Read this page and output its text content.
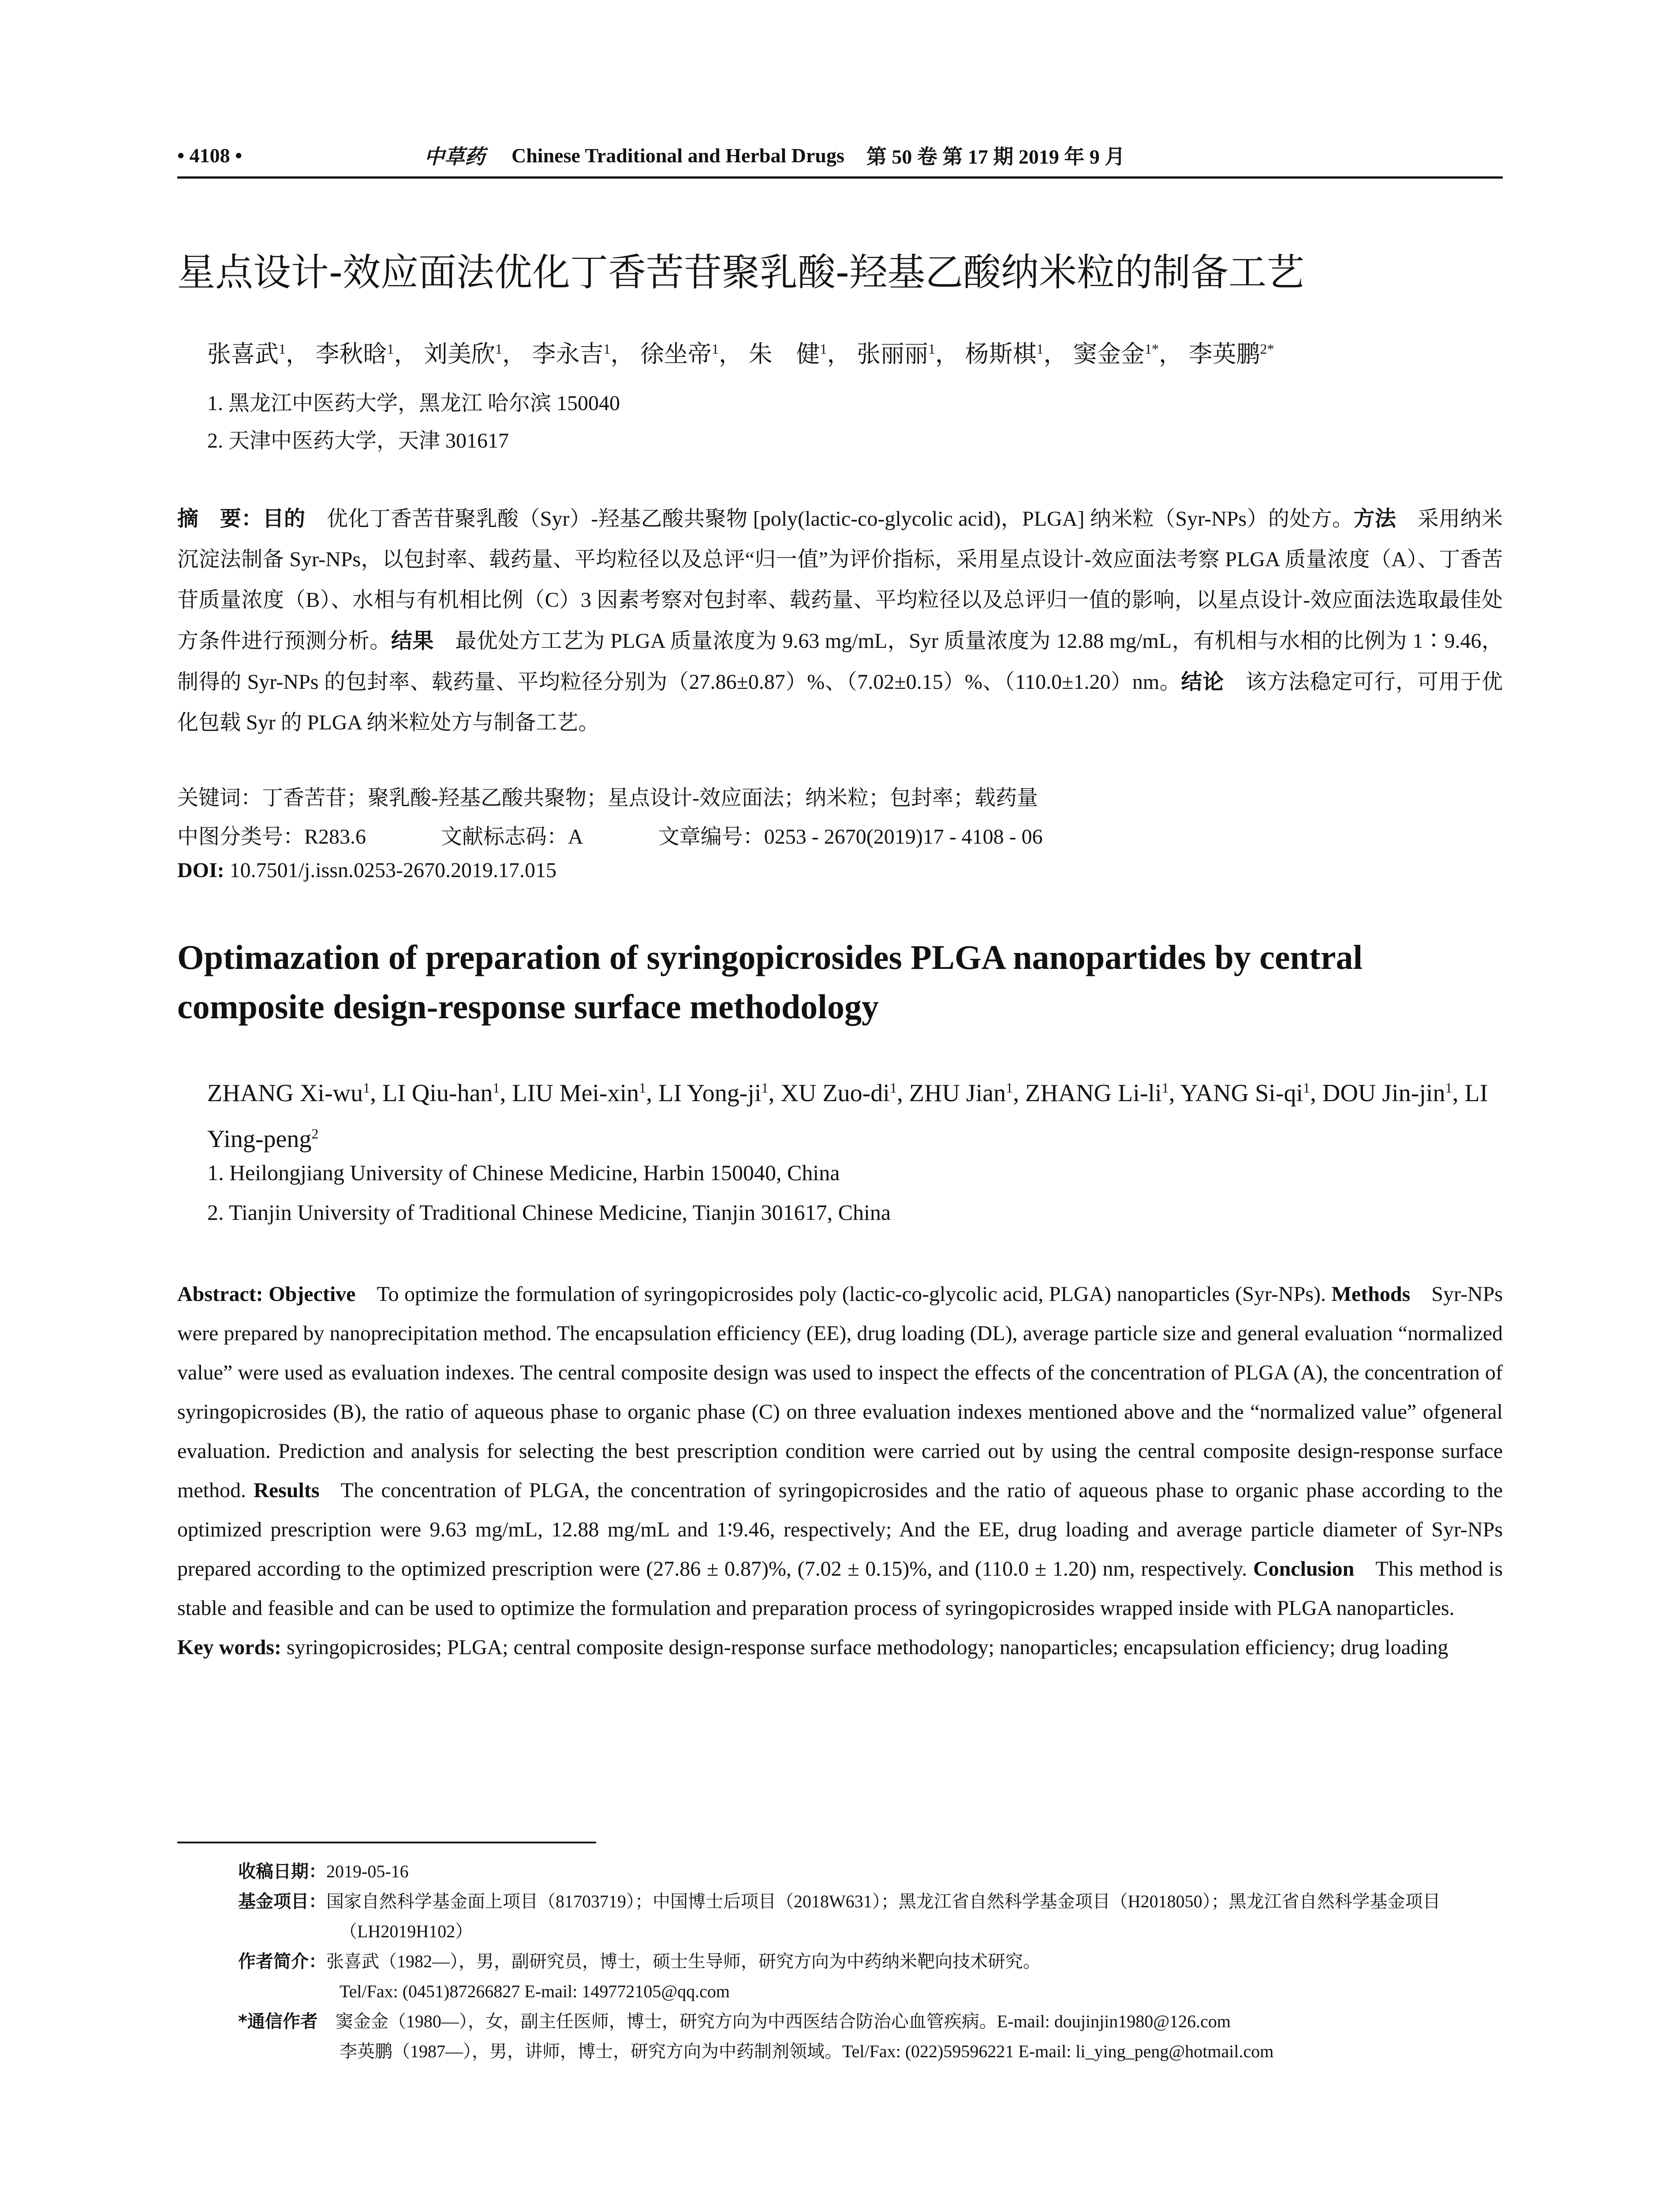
• 4108 •	中草药 Chinese Traditional and Herbal Drugs 第 50 卷 第 17 期 2019 年 9 月
星点设计-效应面法优化丁香苦苷聚乳酸-羟基乙酸纳米粒的制备工艺
张喜武$^1$， 李秋晗$^1$， 刘美欣$^1$， 李永吉$^1$， 徐坐帝$^1$， 朱　健$^1$， 张丽丽$^1$， 杨斯棋$^1$， 窦金金$^{1*}$， 李英鹏$^{2*}$
1. 黑龙江中医药大学，黑龙江 哈尔滨 150040
2. 天津中医药大学，天津 301617
摘　要：目的  优化丁香苦苷聚乳酸（Syr）-羟基乙酸共聚物 [poly(lactic-co-glycolic acid)，PLGA] 纳米粒（Syr-NPs）的处方。方法  采用纳米沉淀法制备 Syr-NPs，以包封率、载药量、平均粒径以及总评“归一值”为评价指标，采用星点设计-效应面法考察 PLGA 质量浓度（A）、丁香苦苷质量浓度（B）、水相与有机相比例（C）3 因素考察对包封率、载药量、平均粒径以及总评归一值的影响，以星点设计-效应面法选取最佳处方条件进行预测分析。结果  最优处方工艺为 PLGA 质量浓度为 9.63 mg/mL，Syr 质量浓度为 12.88 mg/mL，有机相与水相的比例为 1∶9.46，制得的 Syr-NPs 的包封率、载药量、平均粒径分别为（27.86±0.87）%、（7.02±0.15）%、（110.0±1.20）nm。结论  该方法稳定可行，可用于优化包载 Syr 的 PLGA 纳米粒处方与制备工艺。
关键词：丁香苦苷；聚乳酸-羟基乙酸共聚物；星点设计-效应面法；纳米粒；包封率；载药量
中图分类号：R283.6	文献标志码：A	文章编号：0253 - 2670(2019)17 - 4108 - 06
DOI: 10.7501/j.issn.0253-2670.2019.17.015
Optimazation of preparation of syringopicrosides PLGA nanopartides by central composite design-response surface methodology
ZHANG $Xi-wu^1$, LI Qiu-han$^1$, LIU Mei-xin$^1$, LI Yong-$ji^1$, XU Zuo-$di^1$, ZHU Jian$^1$, ZHANG $Li-li^1$, YANG $Si-qi^1$, DOU Jin-jin$^1$, LI Ying-peng$^2$
1. Heilongjiang University of Chinese Medicine, Harbin 150040, China
2. Tianjin University of Traditional Chinese Medicine, Tianjin 301617, China
Abstract: Objective  To optimize the formulation of syringopicrosides poly (lactic-co-glycolic acid, PLGA) nanoparticles (Syr-NPs). Methods  Syr-NPs were prepared by nanoprecipitation method. The encapsulation efficiency (EE), drug loading (DL), average particle size and general evaluation “normalized value” were used as evaluation indexes. The central composite design was used to inspect the effects of the concentration of PLGA (A), the concentration of syringopicrosides (B), the ratio of aqueous phase to organic phase (C) on three evaluation indexes mentioned above and the “normalized value” ofgeneral evaluation. Prediction and analysis for selecting the best prescription condition were carried out by using the central composite design-response surface method. Results  The concentration of PLGA, the concentration of syringopicrosides and the ratio of aqueous phase to organic phase according to the optimized prescription were 9.63 mg/mL, 12.88 mg/mL and 1∶9.46, respectively; And the EE, drug loading and average particle diameter of Syr-NPs prepared according to the optimized prescription were (27.86 ± 0.87)%, (7.02 ± 0.15)%, and (110.0 ± 1.20) nm, respectively. Conclusion  This method is stable and feasible and can be used to optimize the formulation and preparation process of syringopicrosides wrapped inside with PLGA nanoparticles.
Key words: syringopicrosides; PLGA; central composite design-response surface methodology; nanoparticles; encapsulation efficiency; drug loading
收稿日期：2019-05-16
基金项目：国家自然科学基金面上项目（81703719）；中国博士后项目（2018W631）；黑龙江省自然科学基金项目（H2018050）；黑龙江省自然科学基金项目（LH2019H102）
作者简介：张喜武（1982—），男，副研究员，博士，硕士生导师，研究方向为中药纳米靶向技术研究。
Tel/Fax: (0451)87266827 E-mail: 149772105@qq.com
*通信作者  窦金金（1980—），女，副主任医师，博士，研究方向为中西医结合防治心血管疾病。E-mail: doujinjin1980@126.com
李英鹏（1987—），男，讲师，博士，研究方向为中药制剂领域。Tel/Fax: (022)59596221 E-mail: li_ying_peng@hotmail.com
